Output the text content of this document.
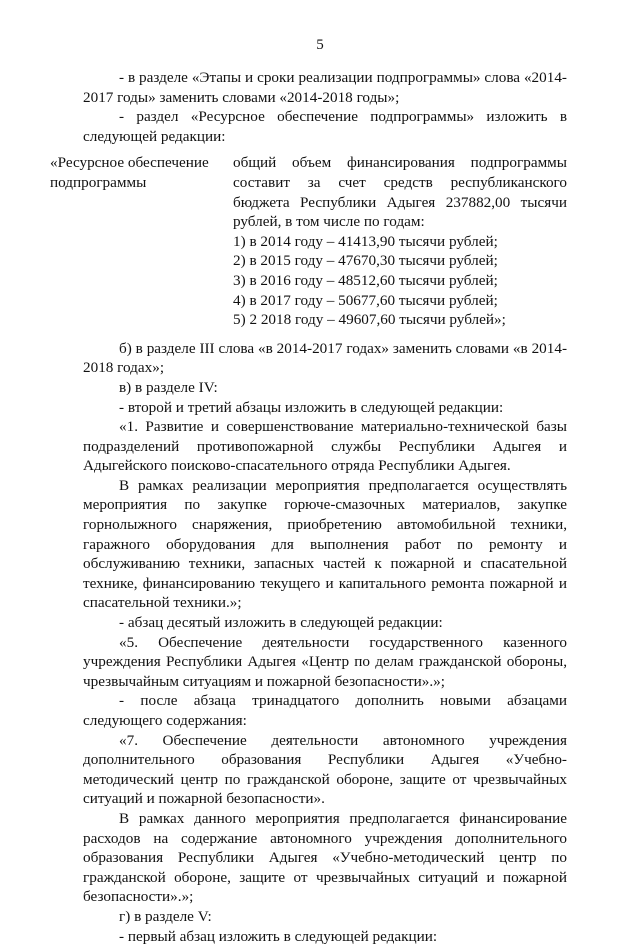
5

- в разделе «Этапы и сроки реализации подпрограммы» слова «2014-2017 годы» заменить словами «2014-2018 годы»;

- раздел «Ресурсное обеспечение подпрограммы» изложить в следующей редакции:

«Ресурсное обеспечение подпрограммы

общий объем финансирования подпрограммы составит за счет средств республиканского бюджета Республики Адыгея 237882,00 тысячи рублей, в том числе по годам:

1) в 2014 году – 41413,90 тысячи рублей;

2) в 2015 году – 47670,30 тысячи рублей;

3) в 2016 году – 48512,60 тысячи рублей;

4) в 2017 году – 50677,60 тысячи рублей;

5) 2 2018 году – 49607,60 тысячи рублей»;

б) в разделе III слова «в 2014-2017 годах» заменить словами «в 2014-2018 годах»;

в) в разделе IV:

- второй и третий абзацы изложить в следующей редакции:

«1. Развитие и совершенствование материально-технической базы подразделений противопожарной службы Республики Адыгея и Адыгейского поисково-спасательного отряда Республики Адыгея.

В рамках реализации мероприятия предполагается осуществлять мероприятия по закупке горюче-смазочных материалов, закупке горнолыжного снаряжения, приобретению автомобильной техники, гаражного оборудования для выполнения работ по ремонту и обслуживанию техники, запасных частей к пожарной и спасательной технике, финансированию текущего и капитального ремонта пожарной и спасательной техники.»;

- абзац десятый изложить в следующей редакции:

«5. Обеспечение деятельности государственного казенного учреждения Республики Адыгея «Центр по делам гражданской обороны, чрезвычайным ситуациям и пожарной безопасности».»;

- после абзаца тринадцатого дополнить новыми абзацами следующего содержания:

«7. Обеспечение деятельности автономного учреждения дополнительного образования Республики Адыгея «Учебно-методический центр по гражданской обороне, защите от чрезвычайных ситуаций и пожарной безопасности».

В рамках данного мероприятия предполагается финансирование расходов на содержание автономного учреждения дополнительного образования Республики Адыгея «Учебно-методический центр по гражданской обороне, защите от чрезвычайных ситуаций и пожарной безопасности».»;

г) в разделе V:

- первый абзац изложить в следующей редакции:
